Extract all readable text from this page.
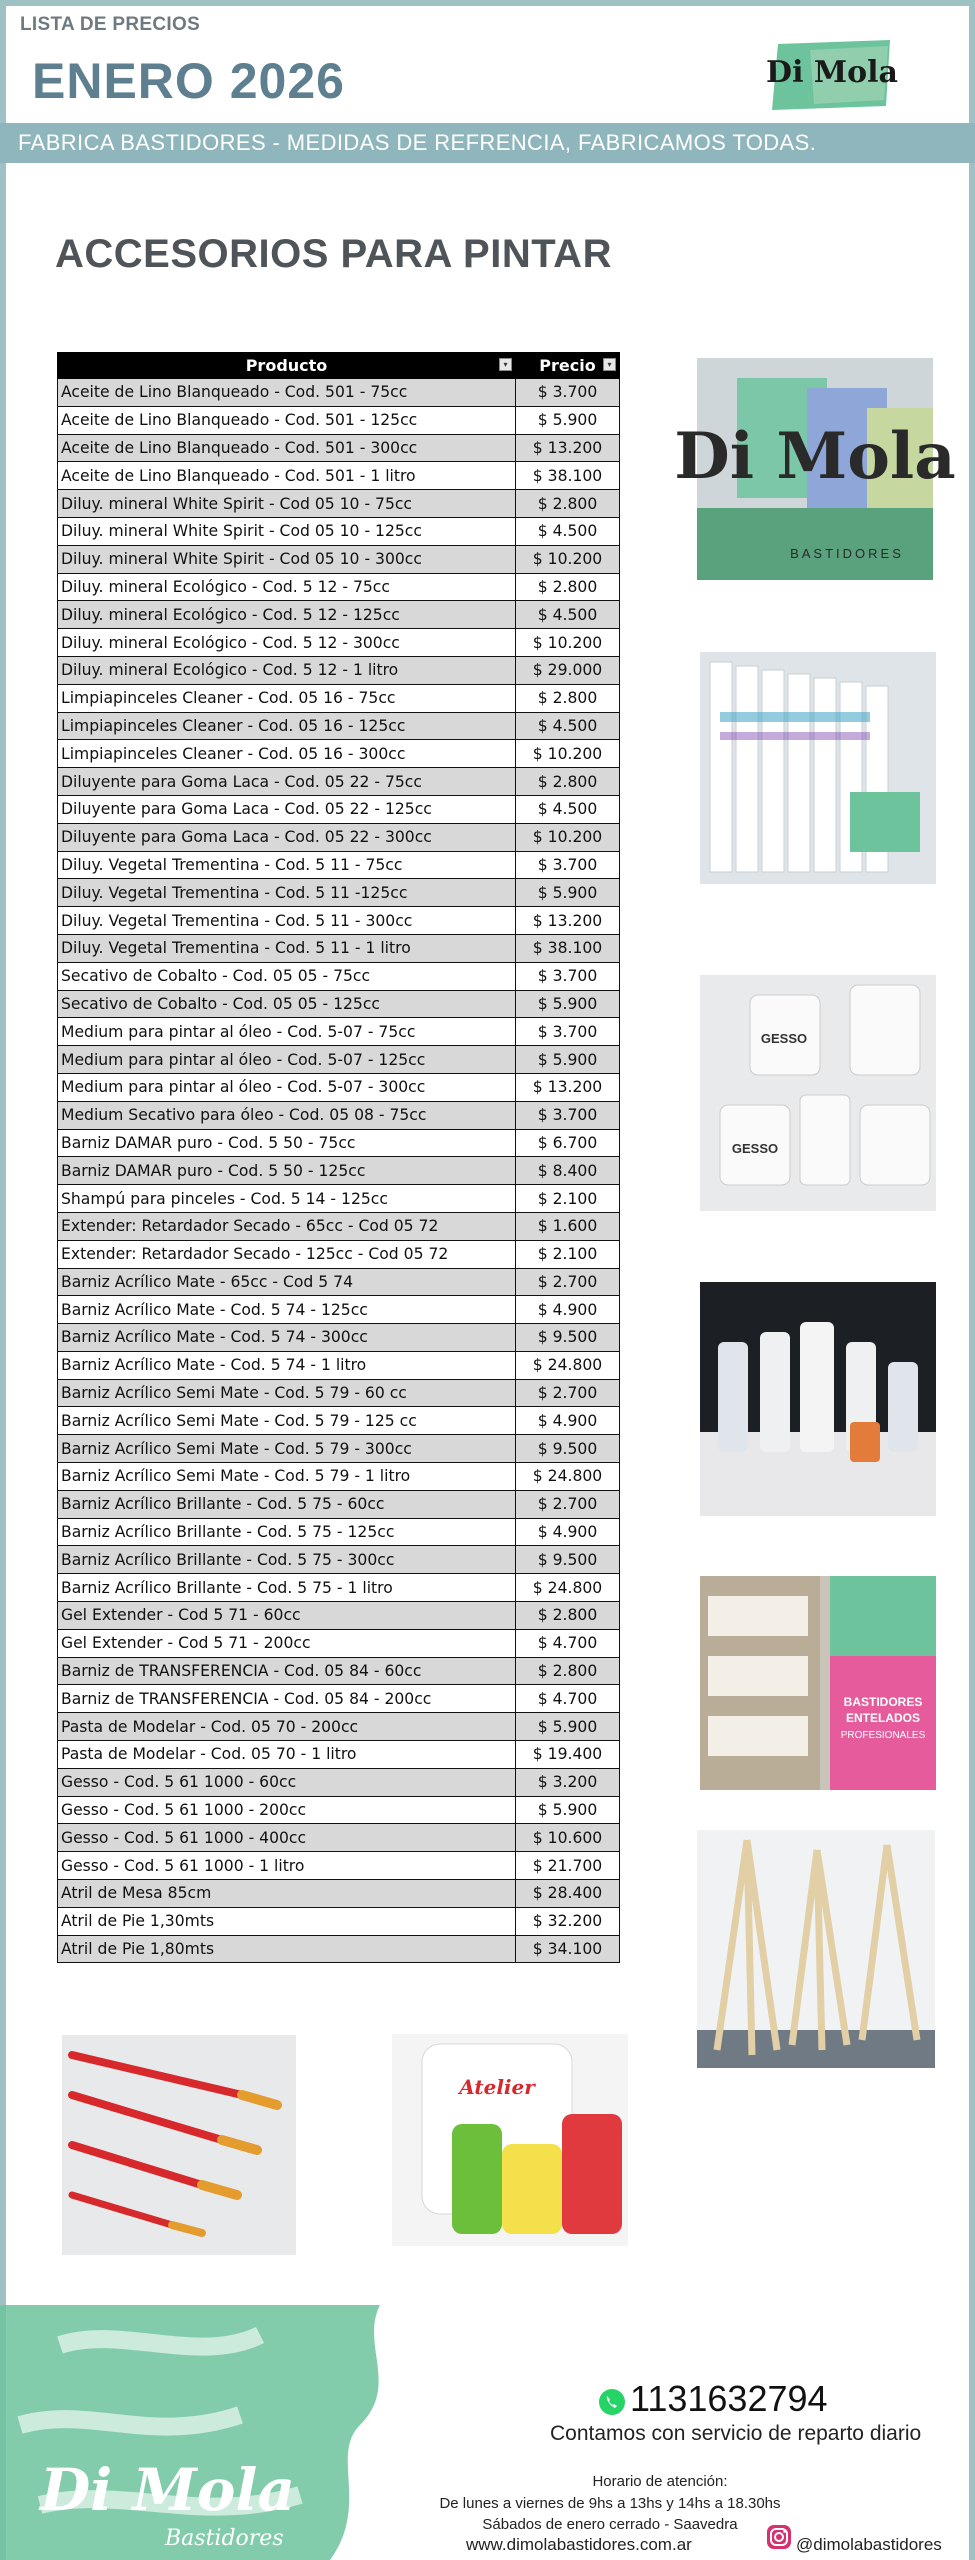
LISTA DE PRECIOS
ENERO 2026	Di Mola
FABRICA BASTIDORES - MEDIDAS DE REFRENCIA, FABRICAMOS TODAS.
ACCESORIOS PARA PINTAR
Producto ▾	Precio ▾

Aceite de Lino Blanqueado - Cod. 501 - 75cc	$ 3.700
Aceite de Lino Blanqueado - Cod. 501 - 125cc	$ 5.900
Aceite de Lino Blanqueado - Cod. 501 - 300cc	$ 13.200
Aceite de Lino Blanqueado - Cod. 501 - 1 litro	$ 38.100
Diluy. mineral White Spirit - Cod 05 10 - 75cc	$ 2.800
Diluy. mineral White Spirit - Cod 05 10 - 125cc	$ 4.500
Diluy. mineral White Spirit - Cod 05 10 - 300cc	$ 10.200
Diluy. mineral Ecológico - Cod. 5 12 - 75cc	$ 2.800
Diluy. mineral Ecológico - Cod. 5 12 - 125cc	$ 4.500
Diluy. mineral Ecológico - Cod. 5 12 - 300cc	$ 10.200
Diluy. mineral Ecológico - Cod. 5 12 - 1 litro	$ 29.000
Limpiapinceles Cleaner - Cod. 05 16 - 75cc	$ 2.800
Limpiapinceles Cleaner - Cod. 05 16 - 125cc	$ 4.500
Limpiapinceles Cleaner - Cod. 05 16 - 300cc	$ 10.200
Diluyente para Goma Laca - Cod. 05 22 - 75cc	$ 2.800
Diluyente para Goma Laca - Cod. 05 22 - 125cc	$ 4.500
Diluyente para Goma Laca - Cod. 05 22 - 300cc	$ 10.200
Diluy. Vegetal Trementina - Cod. 5 11 - 75cc	$ 3.700
Diluy. Vegetal Trementina - Cod. 5 11 -125cc	$ 5.900
Diluy. Vegetal Trementina - Cod. 5 11 - 300cc	$ 13.200
Diluy. Vegetal Trementina - Cod. 5 11 - 1 litro	$ 38.100
Secativo de Cobalto - Cod. 05 05 - 75cc	$ 3.700
Secativo de Cobalto - Cod. 05 05 - 125cc	$ 5.900
Medium para pintar al óleo - Cod. 5-07 - 75cc	$ 3.700
Medium para pintar al óleo - Cod. 5-07 - 125cc	$ 5.900
Medium para pintar al óleo - Cod. 5-07 - 300cc	$ 13.200
Medium Secativo para óleo - Cod. 05 08 - 75cc	$ 3.700
Barniz DAMAR puro - Cod. 5 50 - 75cc	$ 6.700
Barniz DAMAR puro - Cod. 5 50 - 125cc	$ 8.400
Shampú para pinceles - Cod. 5 14 - 125cc	$ 2.100
Extender: Retardador Secado - 65cc - Cod 05 72	$ 1.600
Extender: Retardador Secado - 125cc - Cod 05 72	$ 2.100
Barniz Acrílico Mate - 65cc - Cod 5 74	$ 2.700
Barniz Acrílico Mate - Cod. 5 74 - 125cc	$ 4.900
Barniz Acrílico Mate - Cod. 5 74 - 300cc	$ 9.500
Barniz Acrílico Mate - Cod. 5 74 - 1 litro	$ 24.800
Barniz Acrílico Semi Mate - Cod. 5 79 - 60 cc	$ 2.700
Barniz Acrílico Semi Mate - Cod. 5 79 - 125 cc	$ 4.900
Barniz Acrílico Semi Mate - Cod. 5 79 - 300cc	$ 9.500
Barniz Acrílico Semi Mate - Cod. 5 79 - 1 litro	$ 24.800
Barniz Acrílico Brillante - Cod. 5 75 - 60cc	$ 2.700
Barniz Acrílico Brillante - Cod. 5 75 - 125cc	$ 4.900
Barniz Acrílico Brillante - Cod. 5 75 - 300cc	$ 9.500
Barniz Acrílico Brillante - Cod. 5 75 - 1 litro	$ 24.800
Gel Extender - Cod 5 71 - 60cc	$ 2.800
Gel Extender - Cod 5 71 - 200cc	$ 4.700
Barniz de TRANSFERENCIA - Cod. 05 84 - 60cc	$ 2.800
Barniz de TRANSFERENCIA - Cod. 05 84 - 200cc	$ 4.700
Pasta de Modelar - Cod. 05 70 - 200cc	$ 5.900
Pasta de Modelar - Cod. 05 70 - 1 litro	$ 19.400
Gesso - Cod. 5 61 1000 - 60cc	$ 3.200
Gesso - Cod. 5 61 1000 - 200cc	$ 5.900
Gesso - Cod. 5 61 1000 - 400cc	$ 10.600
Gesso - Cod. 5 61 1000 - 1 litro	$ 21.700
Atril de Mesa 85cm	$ 28.400
Atril de Pie 1,30mts	$ 32.200
Atril de Pie 1,80mts	$ 34.100
Di Mola
BASTIDORES
GESSO
GESSO
BASTIDORES
ENTELADOS
PROFESIONALES
Atelier
Di Mola
Bastidores
1131632794
Contamos con servicio de reparto diario
Horario de atención:
De lunes a viernes de 9hs a 13hs y 14hs a 18.30hs
Sábados de enero cerrado - Saavedra
www.dimolabastidores.com.ar	@dimolabastidores
